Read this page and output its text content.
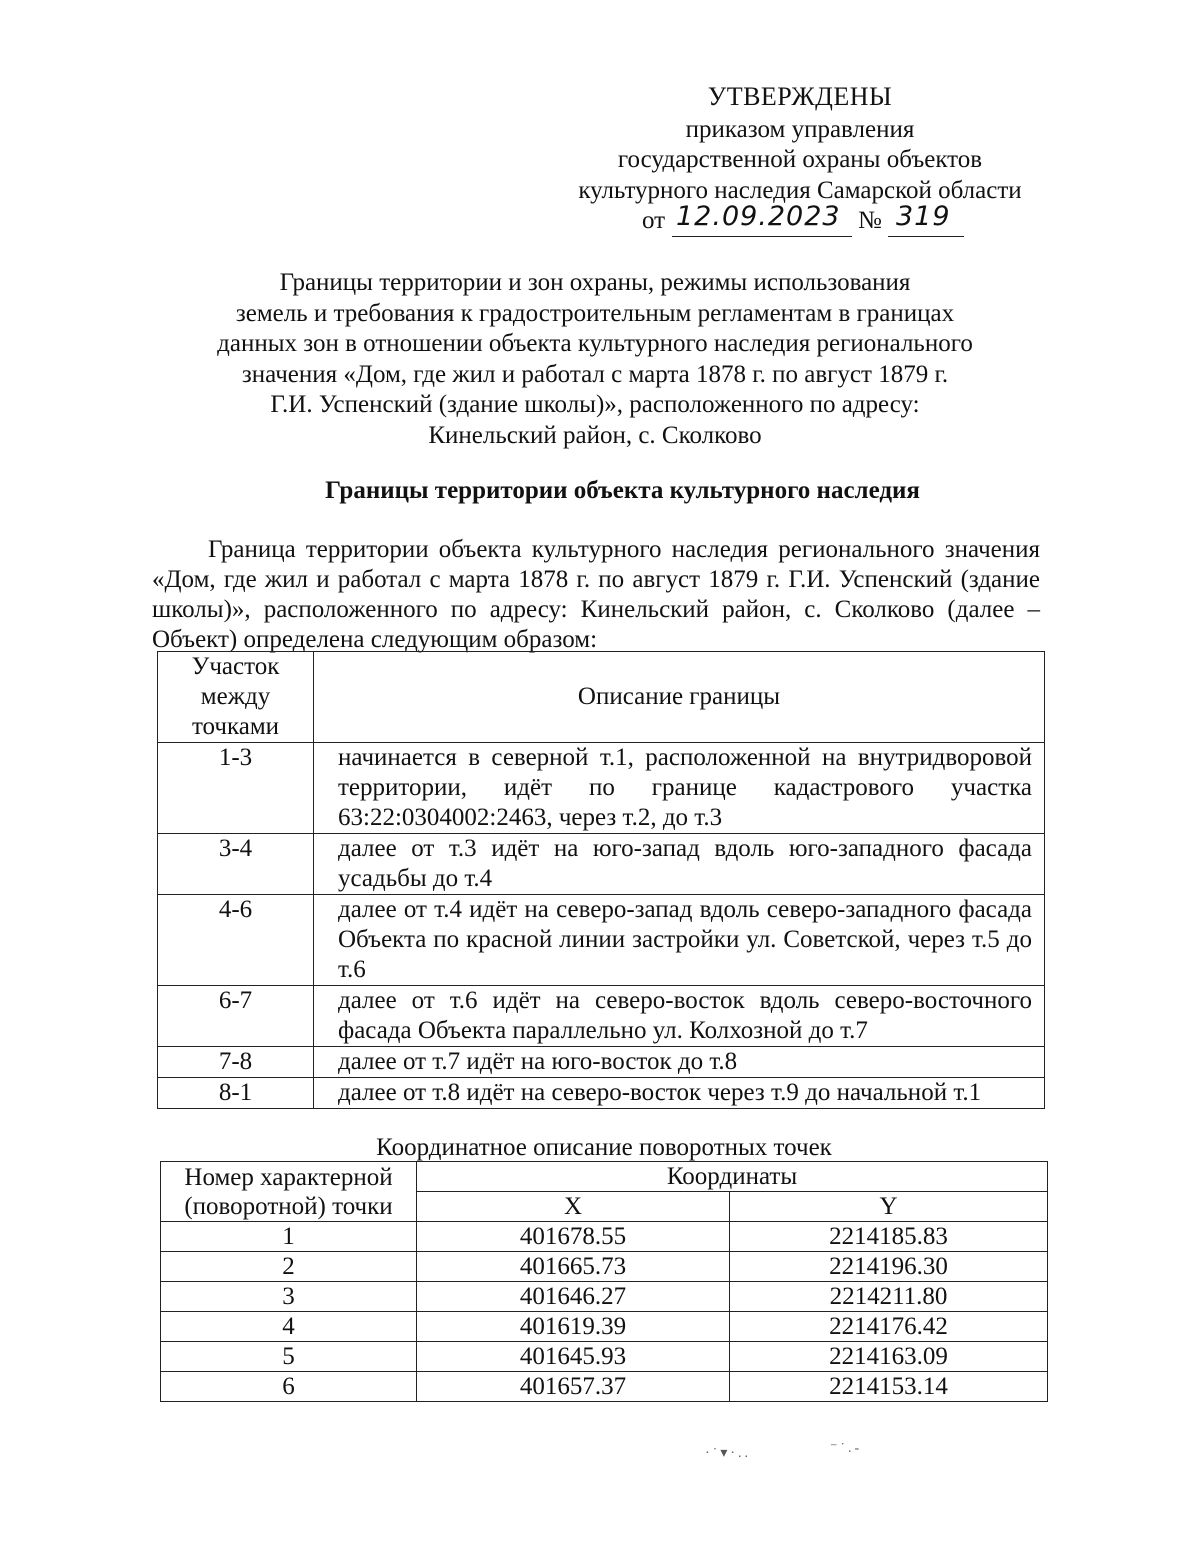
УТВЕРЖДЕНЫ
приказом управления
государственной охраны объектов
культурного наследия Самарской области
от 12.09.2023 № 319
Границы территории и зон охраны, режимы использования
земель и требования к градостроительным регламентам в границах
данных зон в отношении объекта культурного наследия регионального
значения «Дом, где жил и работал с марта 1878 г. по август 1879 г.
Г.И. Успенский (здание школы)», расположенного по адресу:
Кинельский район, с. Сколково
Границы территории объекта культурного наследия
Граница территории объекта культурного наследия регионального значения «Дом, где жил и работал с марта 1878 г. по август 1879 г. Г.И. Успенский (здание школы)», расположенного по адресу: Кинельский район, с. Сколково (далее – Объект) определена следующим образом:
Участок между точками	Описание границы
1-3	начинается в северной т.1, расположенной на внутридворовой территории, идёт по границе кадастрового участка 63:22:0304002:2463, через т.2, до т.3
3-4	далее от т.3 идёт на юго-запад вдоль юго-западного фасада усадьбы до т.4
4-6	далее от т.4 идёт на северо-запад вдоль северо-западного фасада Объекта по красной линии застройки ул. Советской, через т.5 до т.6
6-7	далее от т.6 идёт на северо-восток вдоль северо-восточного фасада Объекта параллельно ул. Колхозной до т.7
7-8	далее от т.7 идёт на юго-восток до т.8
8-1	далее от т.8 идёт на северо-восток через т.9 до начальной т.1
Координатное описание поворотных точек
Номер характерной
(поворотной) точки	Координаты	
	X	Y
1	401678.55	2214185.83
2	401665.73	2214196.30
3	401646.27	2214211.80
4	401619.39	2214176.42
5	401645.93	2214163.09
6	401657.37	2214153.14
·˙▾·..	⁻˙.‐
